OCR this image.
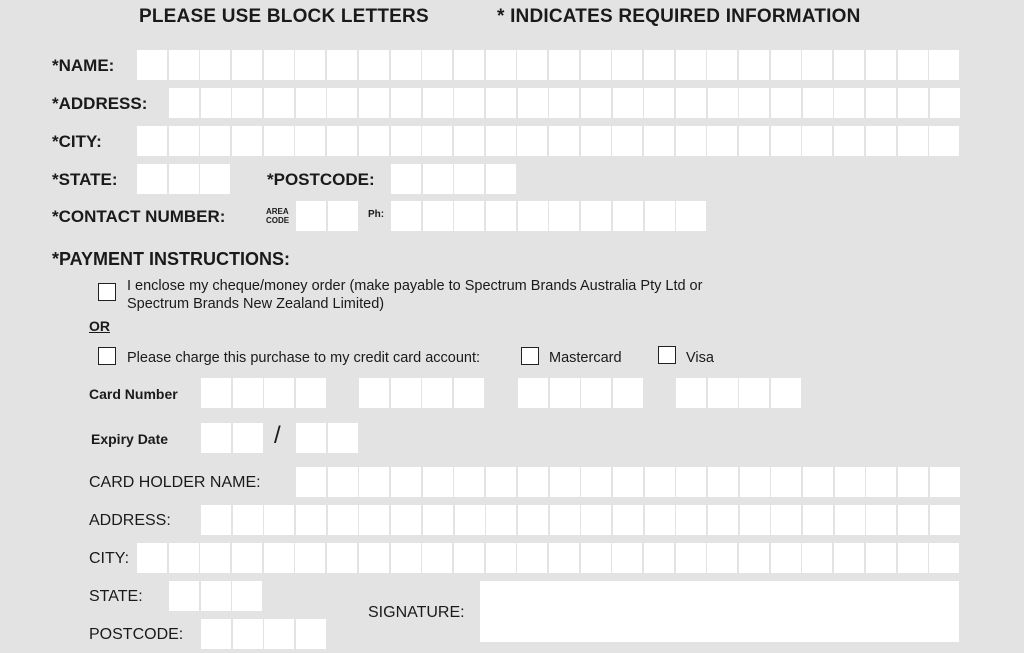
PLEASE USE BLOCK LETTERS	* INDICATES REQUIRED INFORMATION
*NAME:
*ADDRESS:
*CITY:
*STATE:	*POSTCODE:
*CONTACT NUMBER:	AREA
CODE
Ph:
*PAYMENT INSTRUCTIONS:
I enclose my cheque/money order (make payable to Spectrum Brands Australia Pty Ltd or
Spectrum Brands New Zealand Limited)
OR
Please charge this purchase to my credit card account:	Mastercard	Visa
Card Number
Expiry Date	/
CARD HOLDER NAME:
ADDRESS:
CITY:
STATE:
SIGNATURE:
POSTCODE:
